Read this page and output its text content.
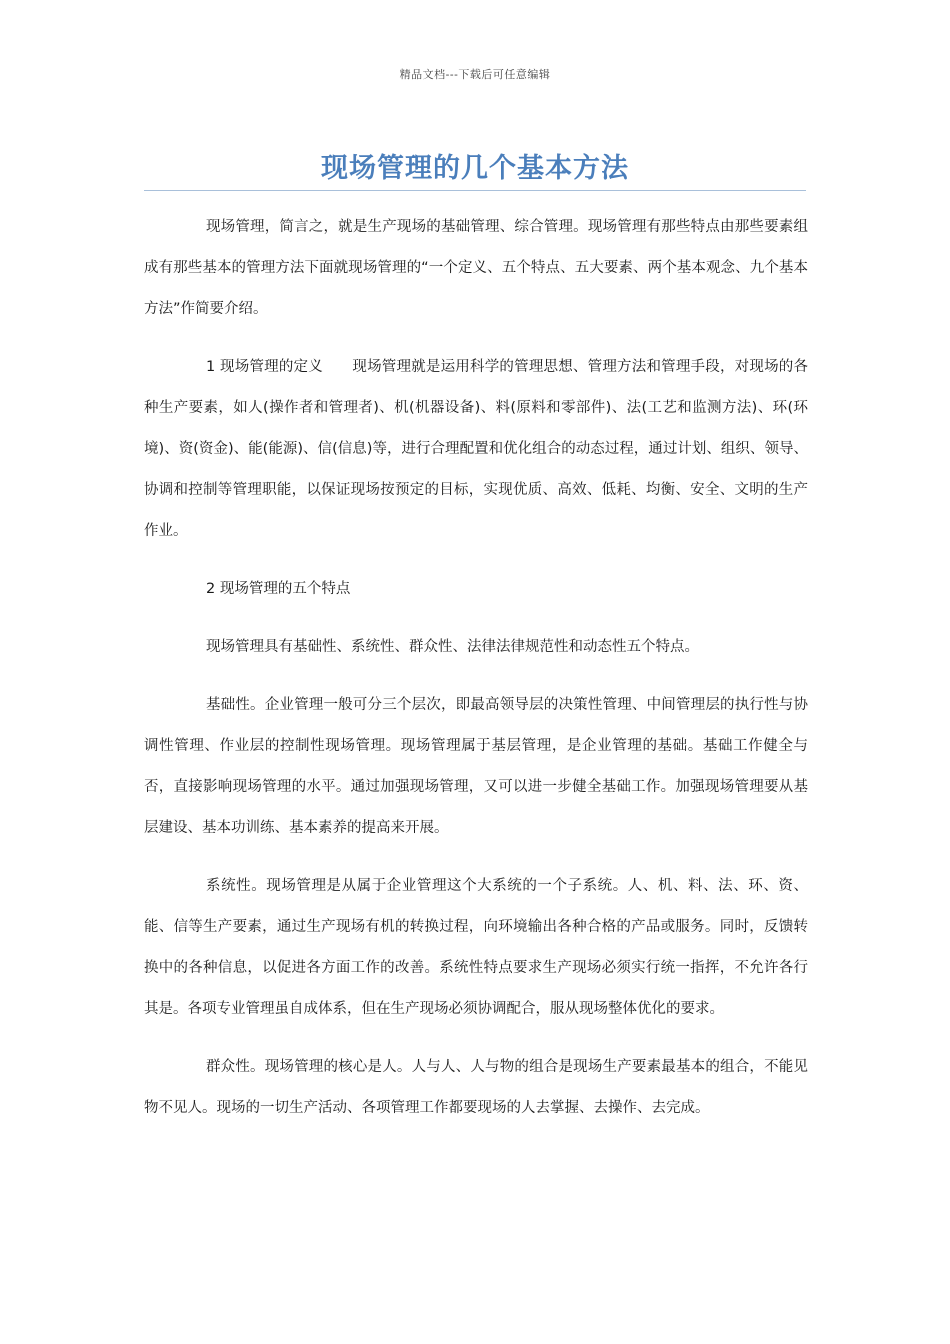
精品文档---下载后可任意编辑
现场管理的几个基本方法

现场管理，简言之，就是生产现场的基础管理、综合管理。现场管理有那些特点由那些要素组成有那些基本的管理方法下面就现场管理的“一个定义、五个特点、五大要素、两个基本观念、九个基本方法”作简要介绍。

1 现场管理的定义　　现场管理就是运用科学的管理思想、管理方法和管理手段，对现场的各种生产要素，如人(操作者和管理者)、机(机器设备)、料(原料和零部件)、法(工艺和监测方法)、环(环境)、资(资金)、能(能源)、信(信息)等，进行合理配置和优化组合的动态过程，通过计划、组织、领导、协调和控制等管理职能，以保证现场按预定的目标，实现优质、高效、低耗、均衡、安全、文明的生产作业。

2 现场管理的五个特点

现场管理具有基础性、系统性、群众性、法律法律规范性和动态性五个特点。

基础性。企业管理一般可分三个层次，即最高领导层的决策性管理、中间管理层的执行性与协调性管理、作业层的控制性现场管理。现场管理属于基层管理，是企业管理的基础。基础工作健全与否，直接影响现场管理的水平。通过加强现场管理，又可以进一步健全基础工作。加强现场管理要从基层建设、基本功训练、基本素养的提高来开展。

系统性。现场管理是从属于企业管理这个大系统的一个子系统。人、机、料、法、环、资、能、信等生产要素，通过生产现场有机的转换过程，向环境输出各种合格的产品或服务。同时，反馈转换中的各种信息，以促进各方面工作的改善。系统性特点要求生产现场必须实行统一指挥，不允许各行其是。各项专业管理虽自成体系，但在生产现场必须协调配合，服从现场整体优化的要求。

群众性。现场管理的核心是人。人与人、人与物的组合是现场生产要素最基本的组合，不能见物不见人。现场的一切生产活动、各项管理工作都要现场的人去掌握、去操作、去完成。
